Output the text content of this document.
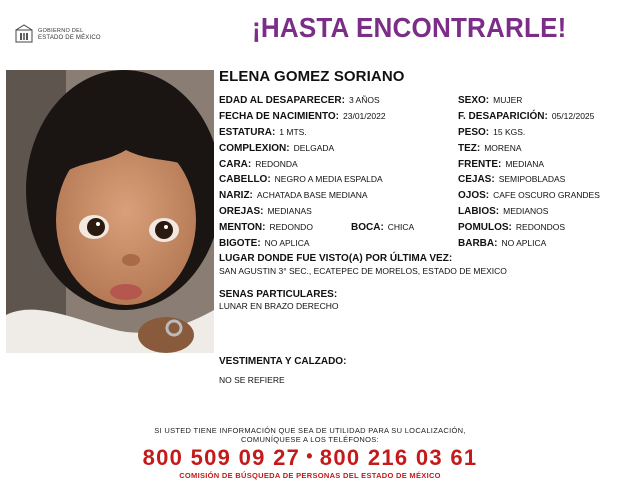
GOBIERNO DEL
ESTADO DE MÉXICO	¡HASTA ENCONTRARLE!
ELENA GOMEZ SORIANO
EDAD AL DESAPARECER: 3 AÑOS
FECHA DE NACIMIENTO: 23/01/2022
ESTATURA: 1 MTS.
COMPLEXION: DELGADA
CARA: REDONDA
CABELLO: NEGRO A MEDIA ESPALDA
NARIZ: ACHATADA BASE MEDIANA
OREJAS: MEDIANAS
MENTON: REDONDO
BIGOTE: NO APLICA
SEXO: MUJER
F. DESAPARICIÓN: 05/12/2025
PESO: 15 KGS.
TEZ: MORENA
FRENTE: MEDIANA
CEJAS: SEMIPOBLADAS
OJOS: CAFE OSCURO GRANDES
LABIOS: MEDIANOS
POMULOS: REDONDOS
BARBA: NO APLICA
BOCA: CHICA
LUGAR DONDE FUE VISTO(A) POR ÚLTIMA VEZ:
SAN AGUSTIN 3° SEC., ECATEPEC DE MORELOS, ESTADO DE MEXICO
SENAS PARTICULARES:
LUNAR EN BRAZO DERECHO
VESTIMENTA Y CALZADO:
NO SE REFIERE
SI USTED TIENE INFORMACIÓN QUE SEA DE UTILIDAD PARA SU LOCALIZACIÓN,
COMUNÍQUESE A LOS TELÉFONOS:
800 509 09 27 • 800 216 03 61
COMISIÓN DE BÚSQUEDA DE PERSONAS DEL ESTADO DE MÉXICO
